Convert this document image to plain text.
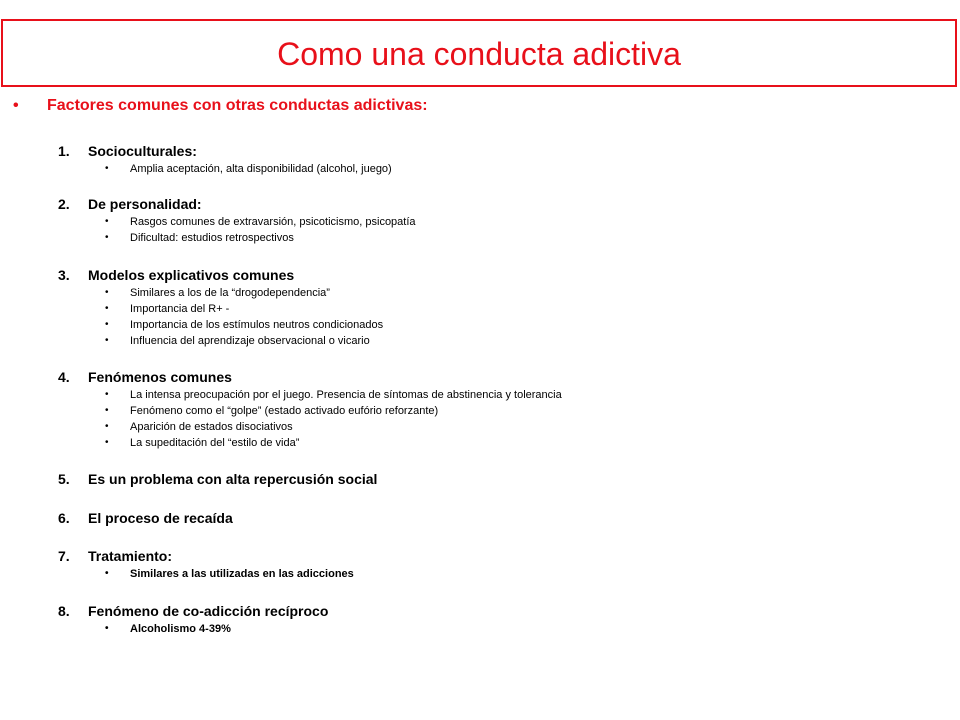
Como una conducta adictiva
• Factores comunes con otras conductas adictivas:
1. Socioculturales:
• Amplia aceptación, alta disponibilidad (alcohol, juego)
2. De personalidad:
• Rasgos comunes de extravarsión, psicoticismo, psicopatía
• Dificultad: estudios retrospectivos
3. Modelos explicativos comunes
• Similares a los de la “drogodependencia”
• Importancia del R+ -
• Importancia de los estímulos neutros condicionados
• Influencia del aprendizaje observacional o vicario
4. Fenómenos comunes
• La intensa preocupación por el juego. Presencia de síntomas de abstinencia y tolerancia
• Fenómeno como el “golpe” (estado activado eufório reforzante)
• Aparición de estados disociativos
• La supeditación del “estilo de vida”
5. Es un problema con alta repercusión social
6. El proceso de recaída
7. Tratamiento:
• Similares a las utilizadas en las adicciones
8. Fenómeno de co-adicción recíproco
• Alcoholismo 4-39%
